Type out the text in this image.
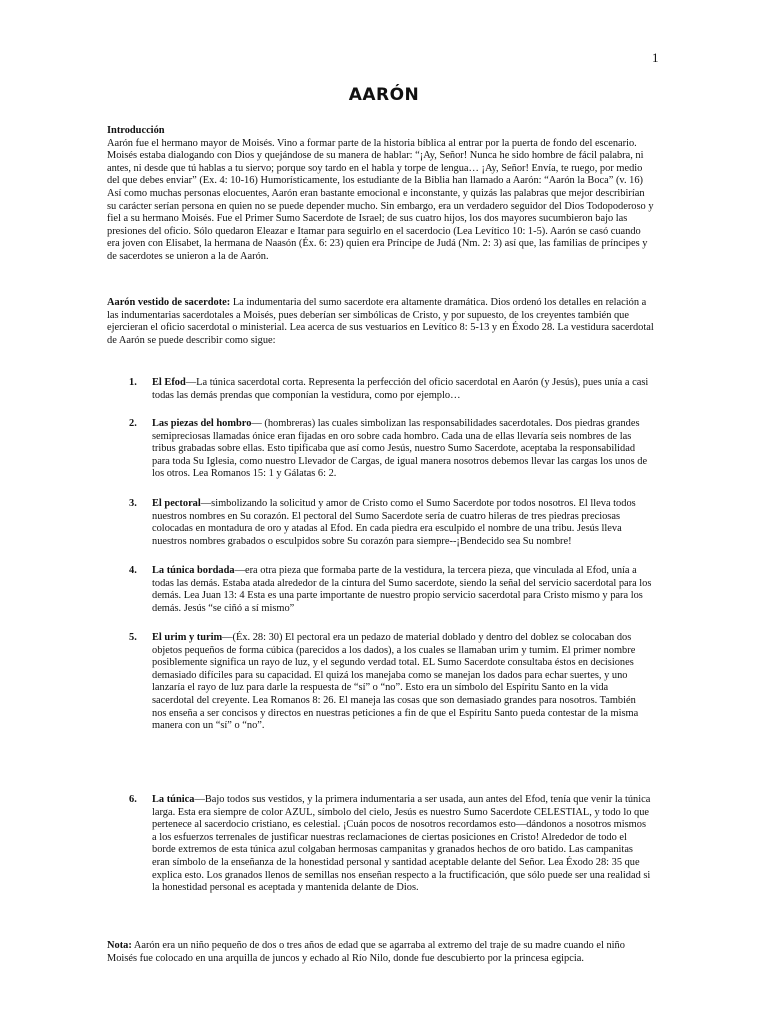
1
AARÓN

Introducción
Aarón fue el hermano mayor de Moisés. Vino a formar parte de la historia bíblica al entrar por la puerta de fondo del escenario. Moisés estaba dialogando con Dios y quejándose de su manera de hablar: “¡Ay, Señor! Nunca he sido hombre de fácil palabra, ni antes, ni desde que tú hablas a tu siervo; porque soy tardo en el habla y torpe de lengua… ¡Ay, Señor! Envía, te ruego, por medio del que debes enviar” (Ex. 4: 10-16) Humorísticamente, los estudiante de la Biblia han llamado a Aarón: “Aarón la Boca” (v. 16) Así como muchas personas elocuentes, Aarón eran bastante emocional e inconstante, y quizás las palabras que mejor describirían su carácter serían persona en quien no se puede depender mucho. Sin embargo, era un verdadero seguidor del Dios Todopoderoso y fiel a su hermano Moisés. Fue el Primer Sumo Sacerdote de Israel; de sus cuatro hijos, los dos mayores sucumbieron bajo las presiones del oficio. Sólo quedaron Eleazar e Itamar para seguirlo en el sacerdocio (Lea Levítico 10: 1-5). Aarón se casó cuando era joven con Elisabet, la hermana de Naasón (Éx. 6: 23) quien era Príncipe de Judá (Nm. 2: 3) así que, las familias de príncipes y de sacerdotes se unieron a la de Aarón.

Aarón vestido de sacerdote: La indumentaria del sumo sacerdote era altamente dramática. Dios ordenó los detalles en relación a las indumentarias sacerdotales a Moisés, pues deberían ser simbólicas de Cristo, y por supuesto, de los creyentes también que ejercieran el oficio sacerdotal o ministerial. Lea acerca de sus vestuarios en Levítico 8: 5-13 y en Éxodo 28. La vestidura sacerdotal de Aarón se puede describir como sigue:

1. El Efod—La túnica sacerdotal corta. Representa la perfección del oficio sacerdotal en Aarón (y Jesús), pues unía a casi todas las demás prendas que componían la vestidura, como por ejemplo…
2. Las piezas del hombro— (hombreras) las cuales simbolizan las responsabilidades sacerdotales. Dos piedras grandes semipreciosas llamadas ónice eran fijadas en oro sobre cada hombro. Cada una de ellas llevaría seis nombres de las tribus grabadas sobre ellas. Esto tipificaba que así como Jesús, nuestro Sumo Sacerdote, aceptaba la responsabilidad para toda Su Iglesia, como nuestro Llevador de Cargas, de igual manera nosotros debemos llevar las cargas los unos de los otros. Lea Romanos 15: 1 y Gálatas 6: 2.
3. El pectoral—simbolizando la solicitud y amor de Cristo como el Sumo Sacerdote por todos nosotros. El lleva todos nuestros nombres en Su corazón. El pectoral del Sumo Sacerdote sería de cuatro hileras de tres piedras preciosas colocadas en montadura de oro y atadas al Efod. En cada piedra era esculpido el nombre de una tribu. Jesús lleva nuestros nombres grabados o esculpidos sobre Su corazón para siempre--¡Bendecido sea Su nombre!
4. La túnica bordada—era otra pieza que formaba parte de la vestidura, la tercera pieza, que vinculada al Efod, unía a todas las demás. Estaba atada alrededor de la cintura del Sumo sacerdote, siendo la señal del servicio sacerdotal para los demás. Lea Juan 13: 4 Esta es una parte importante de nuestro propio servicio sacerdotal para Cristo mismo y para los demás. Jesús “se ciñó a sí mismo”
5. El urim y turim—(Éx. 28: 30) El pectoral era un pedazo de material doblado y dentro del doblez se colocaban dos objetos pequeños de forma cúbica (parecidos a los dados), a los cuales se llamaban urim y tumim. El primer nombre posiblemente significa un rayo de luz, y el segundo verdad total. EL Sumo Sacerdote consultaba éstos en decisiones demasiado difíciles para su capacidad. El quizá los manejaba como se manejan los dados para echar suertes, y uno lanzaría el rayo de luz para darle la respuesta de “sí” o “no”. Esto era un símbolo del Espíritu Santo en la vida sacerdotal del creyente. Lea Romanos 8: 26. El maneja las cosas que son demasiado grandes para nosotros. También nos enseña a ser concisos y directos en nuestras peticiones a fin de que el Espíritu Santo pueda contestar de la misma manera con un “sí” o “no”.
6. La túnica—Bajo todos sus vestidos, y la primera indumentaria a ser usada, aun antes del Efod, tenía que venir la túnica larga. Esta era siempre de color AZUL, símbolo del cielo, Jesús es nuestro Sumo Sacerdote CELESTIAL, y todo lo que pertenece al sacerdocio cristiano, es celestial. ¡Cuán pocos de nosotros recordamos esto—dándonos a nosotros mismos a los esfuerzos terrenales de justificar nuestras reclamaciones de ciertas posiciones en Cristo! Alrededor de todo el borde extremos de esta túnica azul colgaban hermosas campanitas y granados hechos de oro batido. Las campanitas eran símbolo de la enseñanza de la honestidad personal y santidad aceptable delante del Señor. Lea Éxodo 28: 35 que explica esto. Los granados llenos de semillas nos enseñan respecto a la fructificación, que sólo puede ser una realidad si la honestidad personal es aceptada y mantenida delante de Dios.

Nota: Aarón era un niño pequeño de dos o tres años de edad que se agarraba al extremo del traje de su madre cuando el niño Moisés fue colocado en una arquilla de juncos y echado al Río Nilo, donde fue descubierto por la princesa egipcia.
